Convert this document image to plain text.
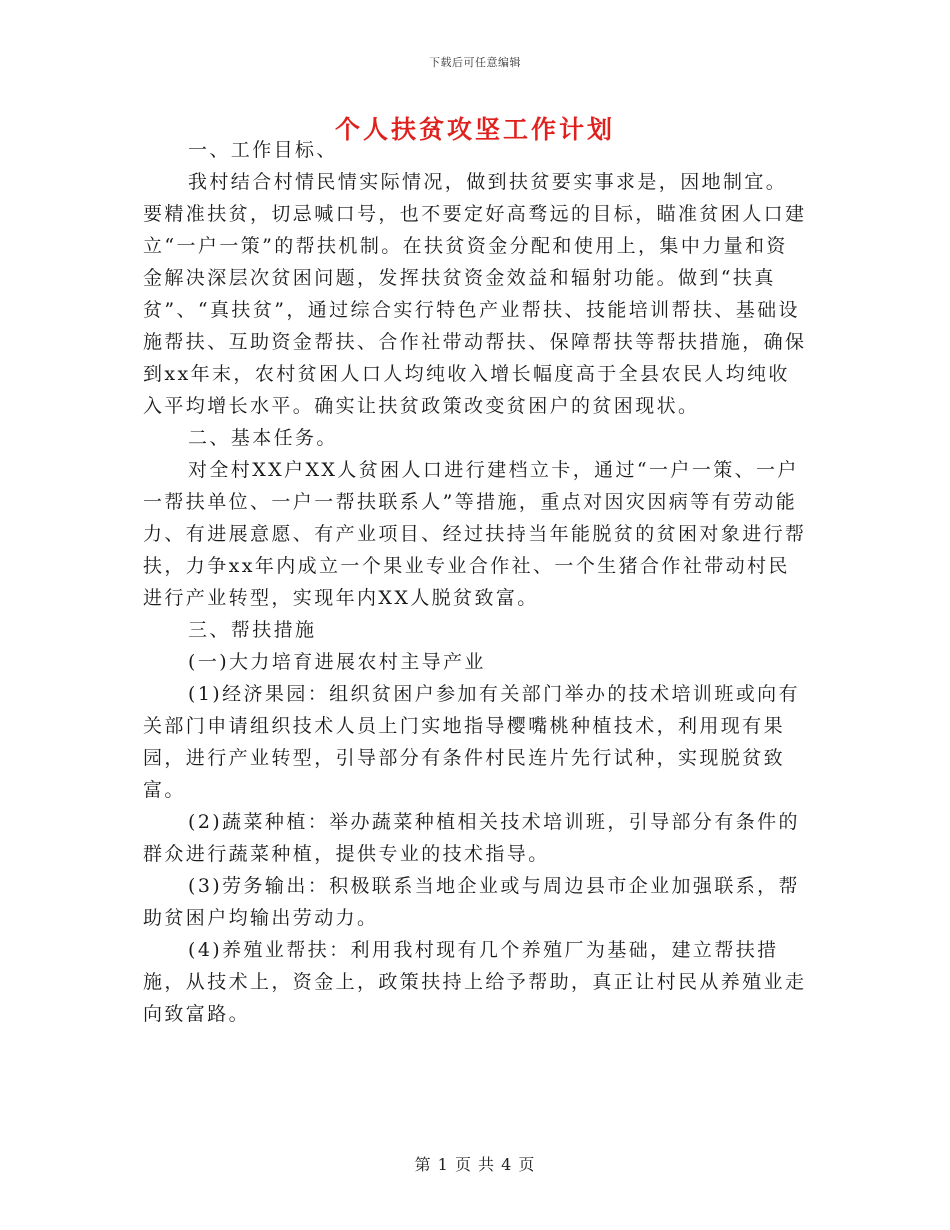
下载后可任意编辑
个人扶贫攻坚工作计划

一、工作目标、

我村结合村情民情实际情况，做到扶贫要实事求是，因地制宜。要精准扶贫，切忌喊口号，也不要定好高骛远的目标，瞄准贫困人口建立“一户一策”的帮扶机制。在扶贫资金分配和使用上，集中力量和资金解决深层次贫困问题，发挥扶贫资金效益和辐射功能。做到“扶真贫”、“真扶贫”，通过综合实行特色产业帮扶、技能培训帮扶、基础设施帮扶、互助资金帮扶、合作社带动帮扶、保障帮扶等帮扶措施，确保到xx年末，农村贫困人口人均纯收入增长幅度高于全县农民人均纯收入平均增长水平。确实让扶贫政策改变贫困户的贫困现状。

二、基本任务。

对全村XX户XX人贫困人口进行建档立卡，通过“一户一策、一户一帮扶单位、一户一帮扶联系人”等措施，重点对因灾因病等有劳动能力、有进展意愿、有产业项目、经过扶持当年能脱贫的贫困对象进行帮扶，力争xx年内成立一个果业专业合作社、一个生猪合作社带动村民进行产业转型，实现年内XX人脱贫致富。

三、帮扶措施

(一)大力培育进展农村主导产业

(1)经济果园：组织贫困户参加有关部门举办的技术培训班或向有关部门申请组织技术人员上门实地指导樱嘴桃种植技术，利用现有果园，进行产业转型，引导部分有条件村民连片先行试种，实现脱贫致富。

(2)蔬菜种植：举办蔬菜种植相关技术培训班，引导部分有条件的群众进行蔬菜种植，提供专业的技术指导。

(3)劳务输出：积极联系当地企业或与周边县市企业加强联系，帮助贫困户均输出劳动力。

(4)养殖业帮扶：利用我村现有几个养殖厂为基础，建立帮扶措施，从技术上，资金上，政策扶持上给予帮助，真正让村民从养殖业走向致富路。

第 1 页 共 4 页
